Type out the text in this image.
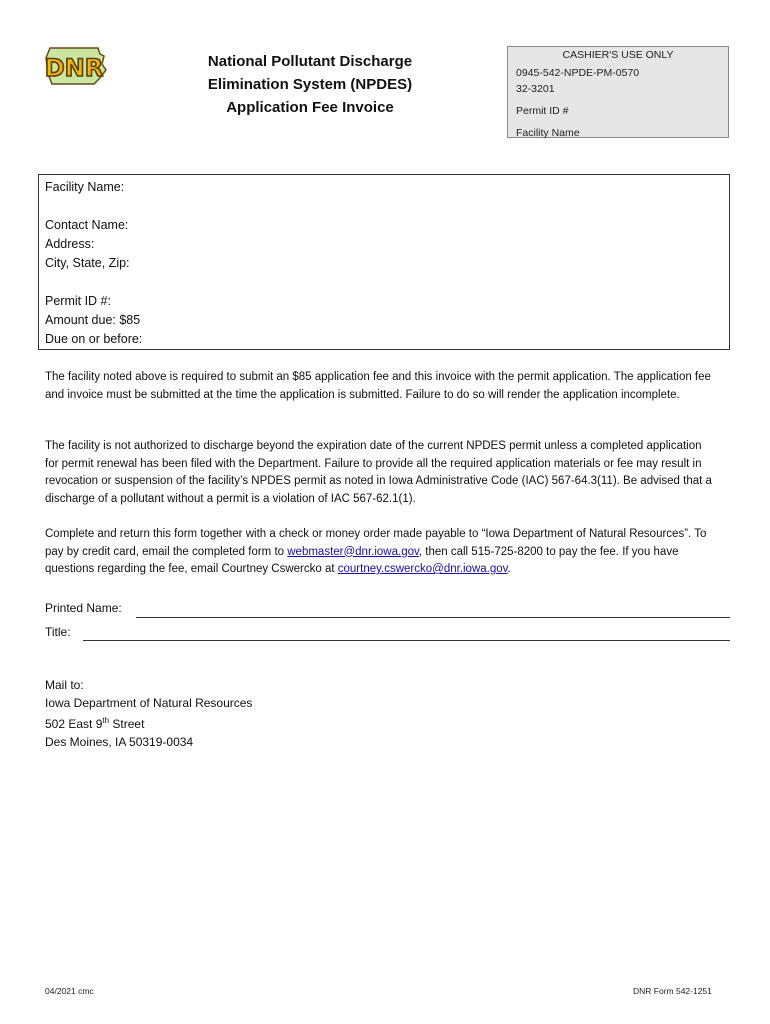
DNR	National Pollutant Discharge
Elimination System (NPDES)
Application Fee Invoice
CASHIER'S USE ONLY
0945-542-NPDE-PM-0570
32-3201
Permit ID #
Facility Name
Facility Name:
Contact Name:
Address:
City, State, Zip:
Permit ID #:
Amount due: $85
Due on or before:
The facility noted above is required to submit an $85 application fee and this invoice with the permit application. The application fee and invoice must be submitted at the time the application is submitted. Failure to do so will render the application incomplete.
The facility is not authorized to discharge beyond the expiration date of the current NPDES permit unless a completed application for permit renewal has been filed with the Department. Failure to provide all the required application materials or fee may result in revocation or suspension of the facility’s NPDES permit as noted in Iowa Administrative Code (IAC) 567-64.3(11). Be advised that a discharge of a pollutant without a permit is a violation of IAC 567-62.1(1).
Complete and return this form together with a check or money order made payable to “Iowa Department of Natural Resources”. To pay by credit card, email the completed form to webmaster@dnr.iowa.gov, then call 515-725-8200 to pay the fee. If you have questions regarding the fee, email Courtney Cswercko at courtney.cswercko@dnr.iowa.gov.
Printed Name:
Title:
Mail to:
Iowa Department of Natural Resources
502 East 9th Street
Des Moines, IA 50319-0034
04/2021 cmc	DNR Form 542-1251
